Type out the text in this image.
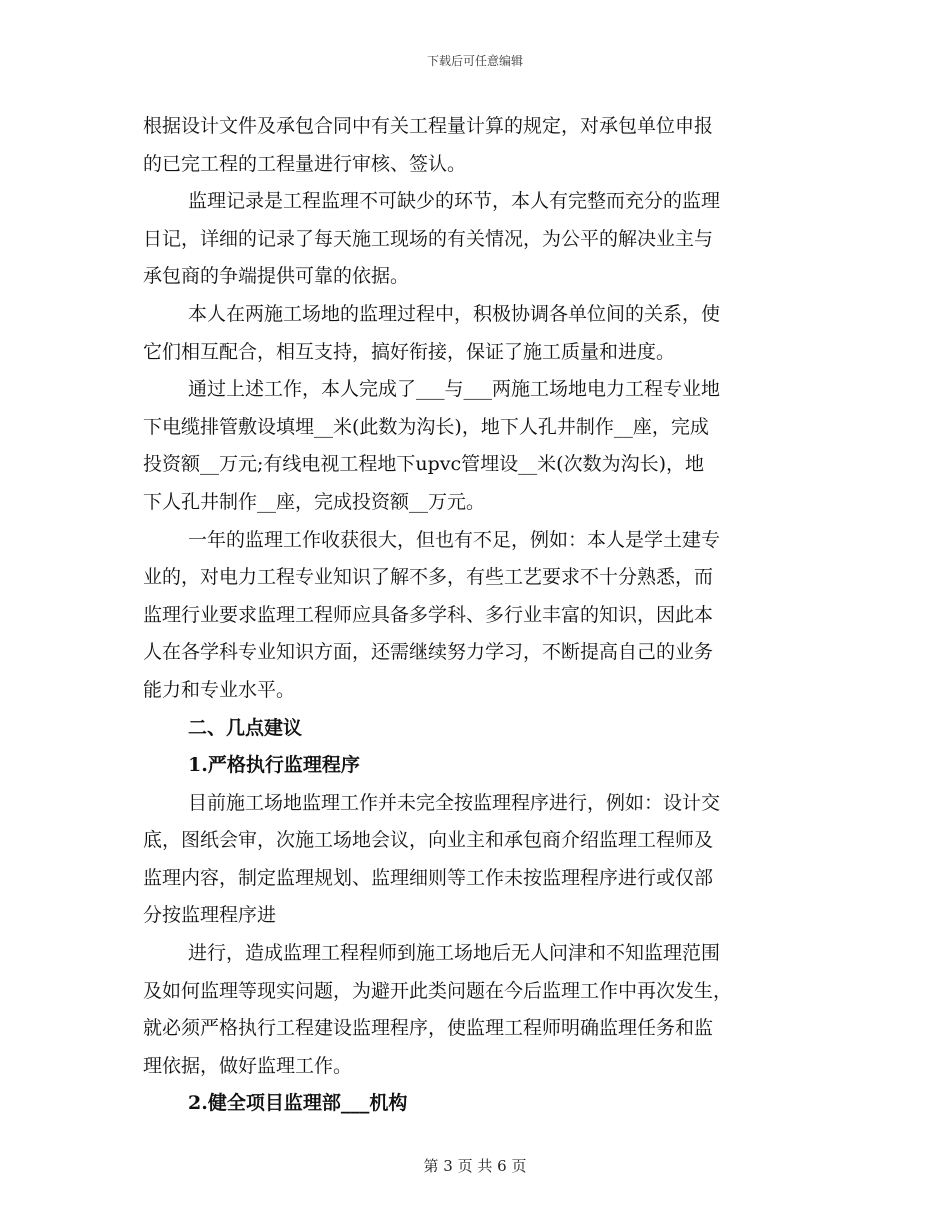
下载后可任意编辑
根据设计文件及承包合同中有关工程量计算的规定，对承包单位申报
的已完工程的工程量进行审核、签认。
监理记录是工程监理不可缺少的环节，本人有完整而充分的监理
日记，详细的记录了每天施工现场的有关情况，为公平的解决业主与
承包商的争端提供可靠的依据。
本人在两施工场地的监理过程中，积极协调各单位间的关系，使
它们相互配合，相互支持，搞好衔接，保证了施工质量和进度。
通过上述工作，本人完成了___与___两施工场地电力工程专业地
下电缆排管敷设填埋__米(此数为沟长)，地下人孔井制作__座，完成
投资额__万元;有线电视工程地下upvc管埋设__米(次数为沟长)，地
下人孔井制作__座，完成投资额__万元。
一年的监理工作收获很大，但也有不足，例如：本人是学土建专
业的，对电力工程专业知识了解不多，有些工艺要求不十分熟悉，而
监理行业要求监理工程师应具备多学科、多行业丰富的知识，因此本
人在各学科专业知识方面，还需继续努力学习，不断提高自己的业务
能力和专业水平。
二、几点建议
1.严格执行监理程序
目前施工场地监理工作并未完全按监理程序进行，例如：设计交
底，图纸会审，次施工场地会议，向业主和承包商介绍监理工程师及
监理内容，制定监理规划、监理细则等工作未按监理程序进行或仅部
分按监理程序进
进行，造成监理工程程师到施工场地后无人问津和不知监理范围
及如何监理等现实问题，为避开此类问题在今后监理工作中再次发生，
就必须严格执行工程建设监理程序，使监理工程师明确监理任务和监
理依据，做好监理工作。
2.健全项目监理部___机构
第 3 页 共 6 页
